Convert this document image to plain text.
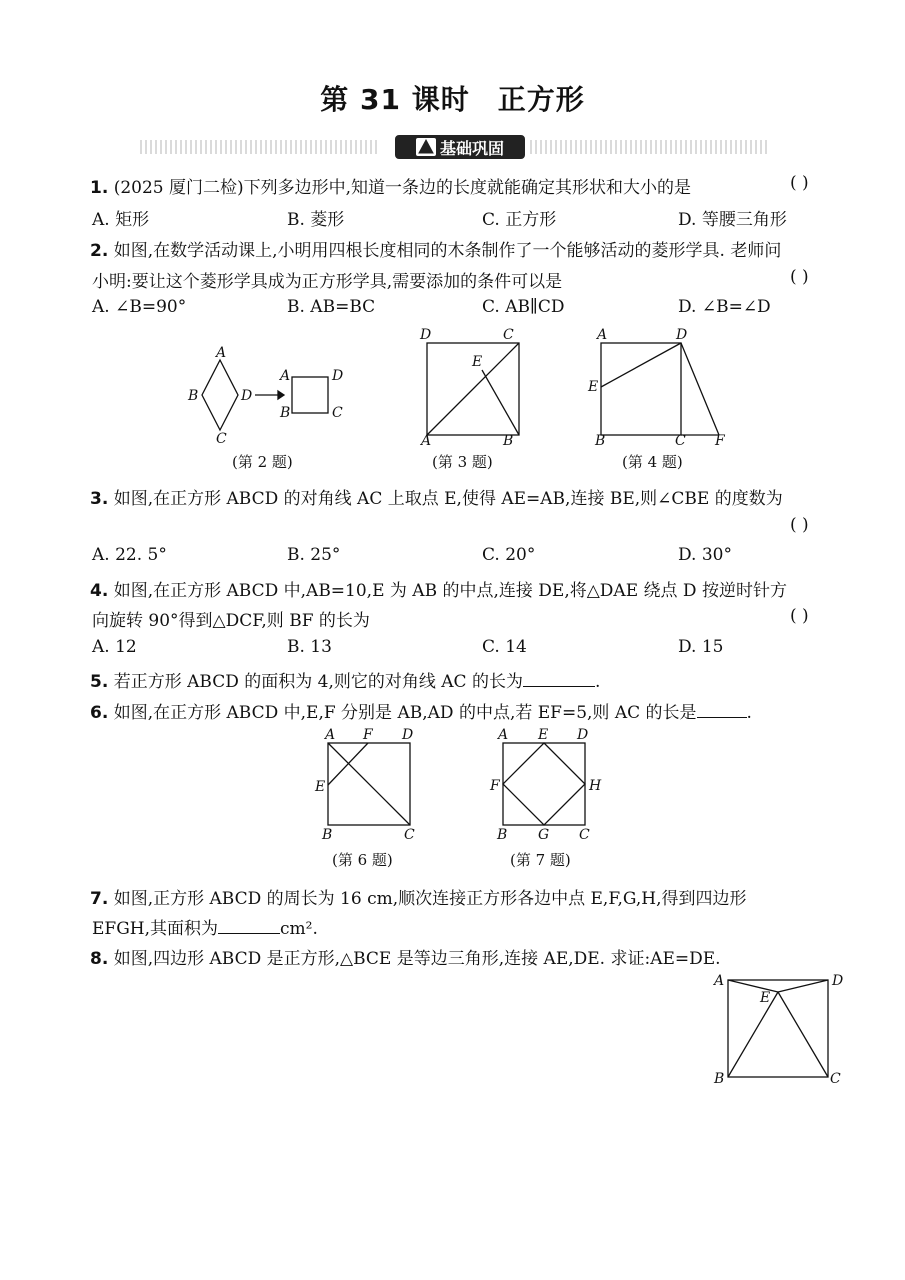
第 31 课时 正方形
基础巩固
1. (2025 厦门二检)下列多边形中,知道一条边的长度就能确定其形状和大小的是	( )
A. 矩形	B. 菱形	C. 正方形	D. 等腰三角形
2. 如图,在数学活动课上,小明用四根长度相同的木条制作了一个能够活动的菱形学具. 老师问
小明:要让这个菱形学具成为正方形学具,需要添加的条件可以是	( )
A. ∠B=90°	B. AB=BC	C. AB∥CD	D. ∠B=∠D
A
B
C
D
A	D
B	C
(第 2 题)
D	C
E
A	B
(第 3 题)
A	D
E
B	C F
(第 4 题)
3. 如图,在正方形 ABCD 的对角线 AC 上取点 E,使得 AE=AB,连接 BE,则∠CBE 的度数为
( )
A. 22. 5°	B. 25°	C. 20°	D. 30°
4. 如图,在正方形 ABCD 中,AB=10,E 为 AB 的中点,连接 DE,将△DAE 绕点 D 按逆时针方
向旋转 90°得到△DCF,则 BF 的长为	( )
A. 12	B. 13	C. 14	D. 15
5. 若正方形 ABCD 的面积为 4,则它的对角线 AC 的长为	.
6. 如图,在正方形 ABCD 中,E,F 分别是 AB,AD 的中点,若 EF=5,则 AC 的长是	.
A F D
E
B	C
(第 6 题)
A E D
F	H
B G C
(第 7 题)
7. 如图,正方形 ABCD 的周长为 16 cm,顺次连接正方形各边中点 E,F,G,H,得到四边形
EFGH,其面积为	cm².
8. 如图,四边形 ABCD 是正方形,△BCE 是等边三角形,连接 AE,DE. 求证:AE=DE.
A	D
E
B	C
